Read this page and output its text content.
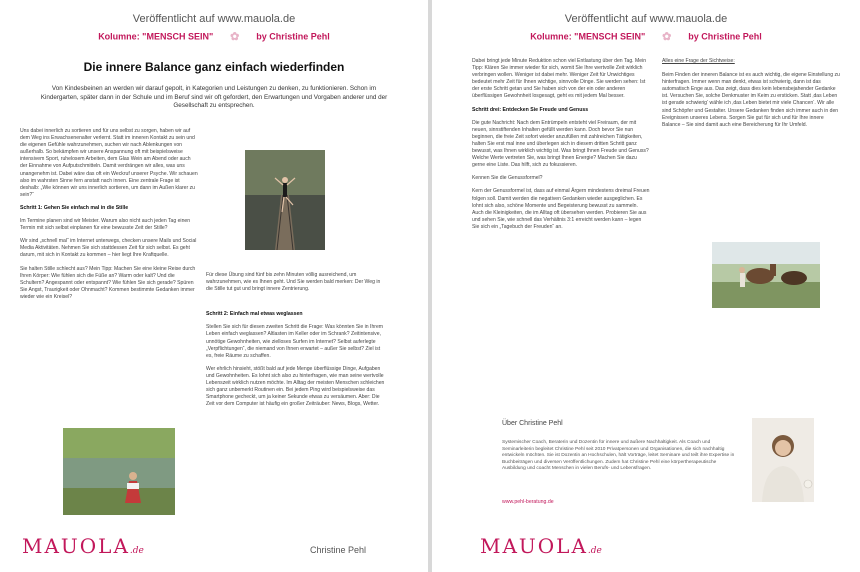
Veröffentlicht auf www.mauola.de
Kolumne: "MENSCH SEIN" ✿ by Christine Pehl
Die innere Balance ganz einfach wiederfinden
Von Kindesbeinen an werden wir darauf gepolt, in Kategorien und Leistungen zu denken, zu funktionieren. Schon im Kindergarten, später dann in der Schule und im Beruf sind wir oft gefordert, den Erwartungen und Vorgaben anderer und der Gesellschaft zu entsprechen.

Uns dabei innerlich zu sortieren und für uns selbst zu sorgen, haben wir auf dem Weg ins Erwachsenenalter verlernt. Statt im inneren Kontakt zu sein und die eigenen Gefühle wahrzunehmen, suchen wir nach Ablenkungen von außerhalb. So bekämpfen wir unsere Anspannung oft mit beispielsweise intensivem Sport, ruhelosem Arbeiten, dem Glas Wein am Abend oder auch der Einnahme von Aufputschmitteln. Damit verdrängen wir alles, was uns unangenehm ist. Dabei wäre das oft ein Weckruf unserer Psyche. Wir schauen also im wahrsten Sinne fern anstatt nach innen. Eine zentrale Frage ist deshalb: „Wie können wir uns innerlich sortieren, um dann im Außen klarer zu sein?“

Schritt 1: Gehen Sie einfach mal in die Stille

Im Termine planen sind wir Meister. Warum also nicht auch jeden Tag einen Termin mit sich selbst einplanen für eine bewusste Zeit der Stille?

Wir sind „schnell mal“ im Internet unterwegs, checken unsere Mails und Social Media Aktivitäten. Nehmen Sie sich stattdessen Zeit für sich selbst. Es geht darum, mit sich in Kontakt zu kommen – hier liegt Ihre Kraftquelle.

Sie halten Stille schlecht aus? Mein Tipp: Machen Sie eine kleine Reise durch Ihren Körper: Wie fühlen sich die Füße an? Warm oder kalt? Und die Schultern? Angespannt oder entspannt? Wie fühlen Sie sich gerade? Spüren Sie Angst, Traurigkeit oder Ohnmacht? Kommen bestimmte Gedanken immer wieder wie ein Kreisel?

Für diese Übung sind fünf bis zehn Minuten völlig ausreichend, um wahrzunehmen, wie es Ihnen geht. Und Sie werden bald merken: Der Weg in die Stille tut gut und bringt innere Zentrierung.

Schritt 2: Einfach mal etwas weglassen

Stellen Sie sich für diesen zweiten Schritt die Frage: Was könnten Sie in Ihrem Leben einfach weglassen? Altlasten im Keller oder im Schrank? Zeitintensive, unnötige Gewohnheiten, wie zielloses Surfen im Internet? Selbst auferlegte „Verpflichtungen“, die niemand von Ihnen erwartet – außer Sie selbst? Ziel ist es, freie Räume zu schaffen.

Wer ehrlich hinsieht, stößt bald auf jede Menge überflüssige Dinge, Aufgaben und Gewohnheiten. Es lohnt sich also zu hinterfragen, wie man seine wertvolle Lebenszeit wirklich nutzen möchte. Im Alltag der meisten Menschen schleichen sich ganz unbemerkt Routinen ein. Bei jedem Ping wird beispielsweise das Smartphone gecheckt, um ja keiner Sekunde etwas zu versäumen. Aber: Die Zeit vor dem Computer ist häufig ein großer Zeiträuber: News, Blogs, Wetter.

MAUOLA.de	Christine Pehl
Veröffentlicht auf www.mauola.de
Kolumne: "MENSCH SEIN" ✿ by Christine Pehl

Dabei bringt jede Minute Reduktion schon viel Entlastung über den Tag. Mein Tipp: Klären Sie immer wieder für sich, womit Sie Ihre wertvolle Zeit wirklich verbringen wollen. Weniger ist dabei mehr. Weniger Zeit für Unwichtiges bedeutet mehr Zeit für Ihnen wichtige, sinnvolle Dinge. Sie werden sehen: Ist der erste Schritt getan und Sie haben sich von der ein oder anderen überflüssigen Gewohnheit losgesagt, geht es mit jedem Mal besser.

Schritt drei: Entdecken Sie Freude und Genuss

Die gute Nachricht: Nach dem Entrümpeln entsteht viel Freiraum, der mit neuen, sinnstiftenden Inhalten gefüllt werden kann. Doch bevor Sie nun beginnen, die freie Zeit sofort wieder anzufüllen mit zahlreichen Tätigkeiten, halten Sie erst mal inne und überlegen sich in diesem dritten Schritt ganz bewusst, was Ihnen wirklich wichtig ist. Was bringt Ihnen Freude und Genuss? Welche Werte vertreten Sie, was bringt Ihnen Energie? Machen Sie dazu gerne eine Liste. Das hilft, sich zu fokussieren.

Kennen Sie die Genussformel?

Kern der Genussformel ist, dass auf einmal Ärgern mindestens dreimal Freuen folgen soll. Damit werden die negativen Gedanken wieder ausgeglichen. Es lohnt sich also, schöne Momente und Begeisterung bewusst zu sammeln. Auch die Kleinigkeiten, die im Alltag oft übersehen werden. Probieren Sie aus und sehen Sie, wie schnell das Verhältnis 3:1 erreicht werden kann – legen Sie sich ein „Tagebuch der Freuden“ an.

Alles eine Frage der Sichtweise:

Beim Finden der inneren Balance ist es auch wichtig, die eigene Einstellung zu hinterfragen. Immer wenn man denkt, etwas ist schwierig, dann ist das automatisch Enge aus. Das zeigt, dass dies kein lebensbejahender Gedanke ist. Versuchen Sie, solche Denkmuster im Keim zu ersticken. Statt ‚das Leben ist gerade schwierig‘ wähle ich ‚das Leben bietet mir viele Chancen‘. Wir alle sind Schöpfer und Gestalter. Unsere Gedanken finden sich immer auch in den Ereignissen unseres Lebens. Sorgen Sie gut für sich und für Ihre innere Balance – Sie sind damit auch eine Bereicherung für Ihr Umfeld.

Über Christine Pehl
Systemischer Coach, Beraterin und Dozentin für innere und äußere Nachhaltigkeit. Als Coach und Seminarleiterin begleitet Christine Pehl seit 2010 Privatpersonen und Organisationen, die sich nachhaltig entwickeln möchten. Sie ist Dozentin an Hochschulen, hält Vorträge, leitet Seminare und teilt ihre Expertise in Buchbeiträgen und diversen Veröffentlichungen. Zudem hat Christine Pehl eine körpertherapeutische Ausbildung und coacht Menschen in vielen Berufs- und Lebensfragen.
www.pehl-beratung.de
MAUOLA.de
